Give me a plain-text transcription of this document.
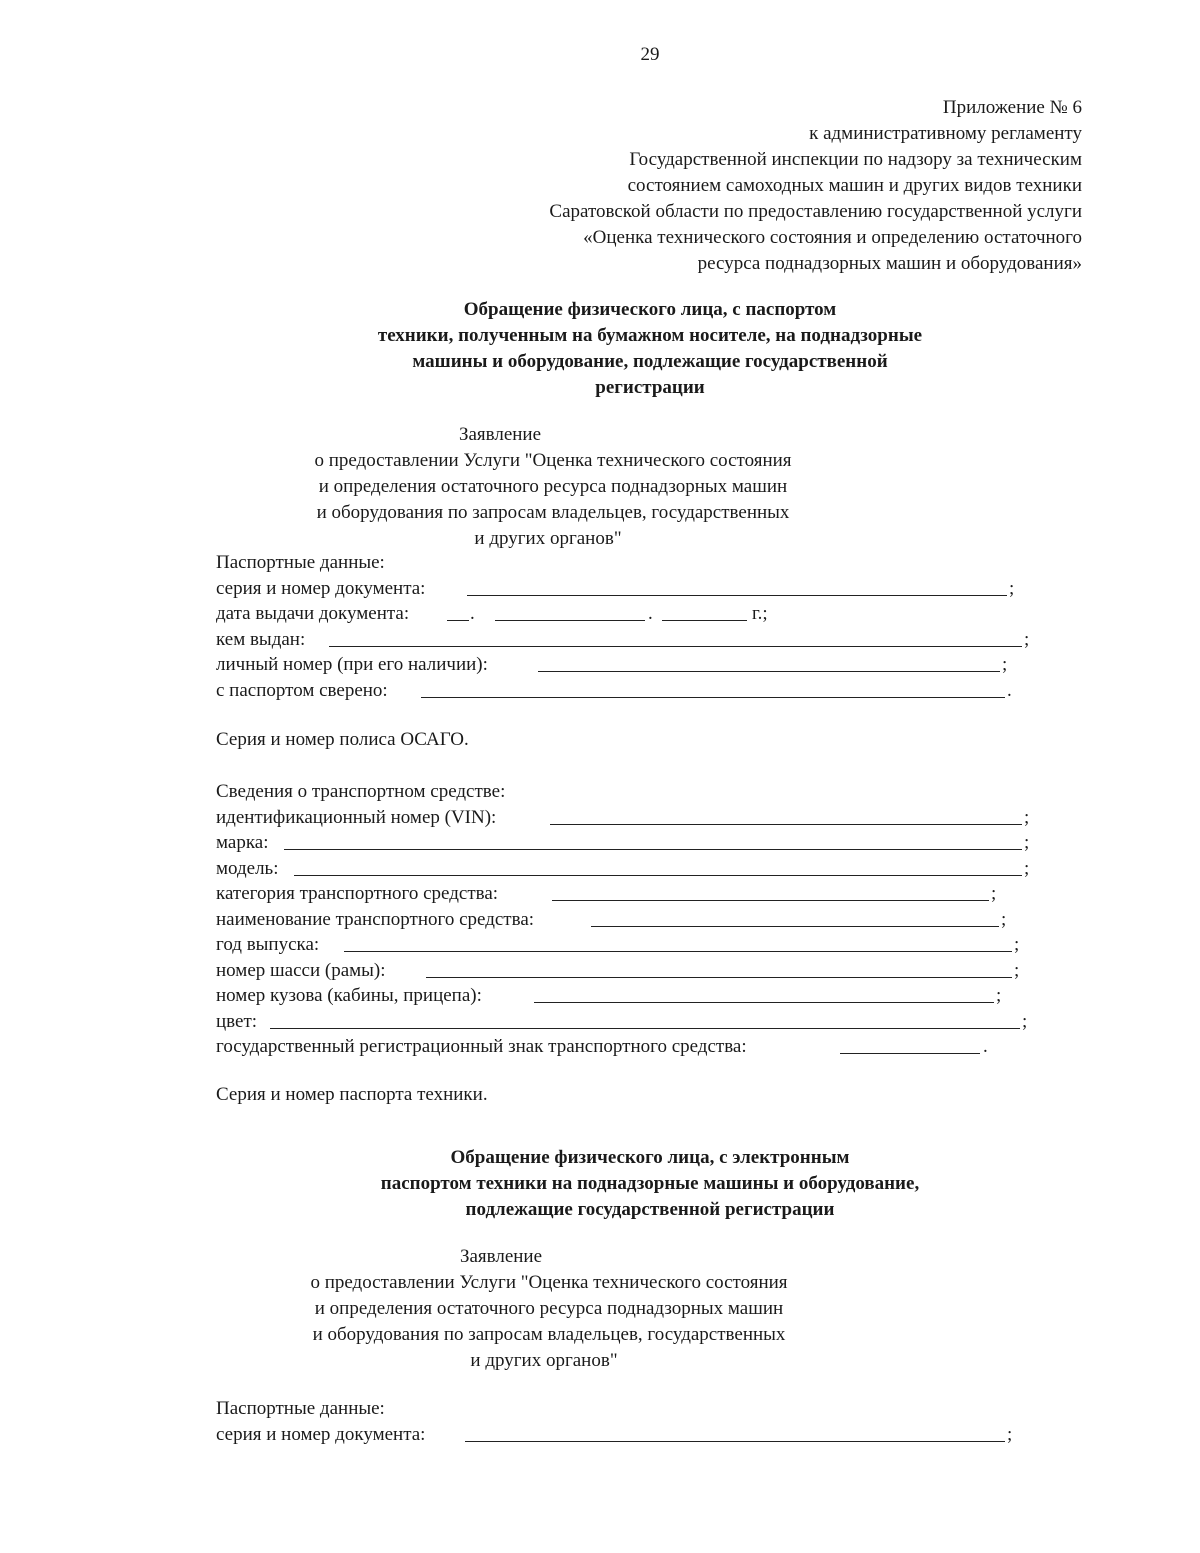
29
Приложение № 6
к административному регламенту
Государственной инспекции по надзору за техническим
состоянием самоходных машин и других видов техники
Саратовской области по предоставлению государственной услуги
«Оценка технического состояния и определению остаточного
ресурса поднадзорных машин и оборудования»
Обращение физического лица, с паспортом
техники, полученным на бумажном носителе, на поднадзорные
машины и оборудование, подлежащие государственной
регистрации
Заявление
о предоставлении Услуги "Оценка технического состояния
и определения остаточного ресурса поднадзорных машин
и оборудования по запросам владельцев, государственных
и других органов"
Паспортные данные:
серия и номер документа:	;
дата выдачи документа:	.	.	г.;
кем выдан:	;
личный номер (при его наличии):	;
с паспортом сверено:	.
Серия и номер полиса ОСАГО.
Сведения о транспортном средстве:
идентификационный номер (VIN):	;
марка:	;
модель:	;
категория транспортного средства:	;
наименование транспортного средства:	;
год выпуска:	;
номер шасси (рамы):	;
номер кузова (кабины, прицепа):	;
цвет:	;
государственный регистрационный знак транспортного средства:	.
Серия и номер паспорта техники.
Обращение физического лица, с электронным
паспортом техники на поднадзорные машины и оборудование,
подлежащие государственной регистрации
Заявление
о предоставлении Услуги "Оценка технического состояния
и определения остаточного ресурса поднадзорных машин
и оборудования по запросам владельцев, государственных
и других органов"
Паспортные данные:
серия и номер документа:	;
